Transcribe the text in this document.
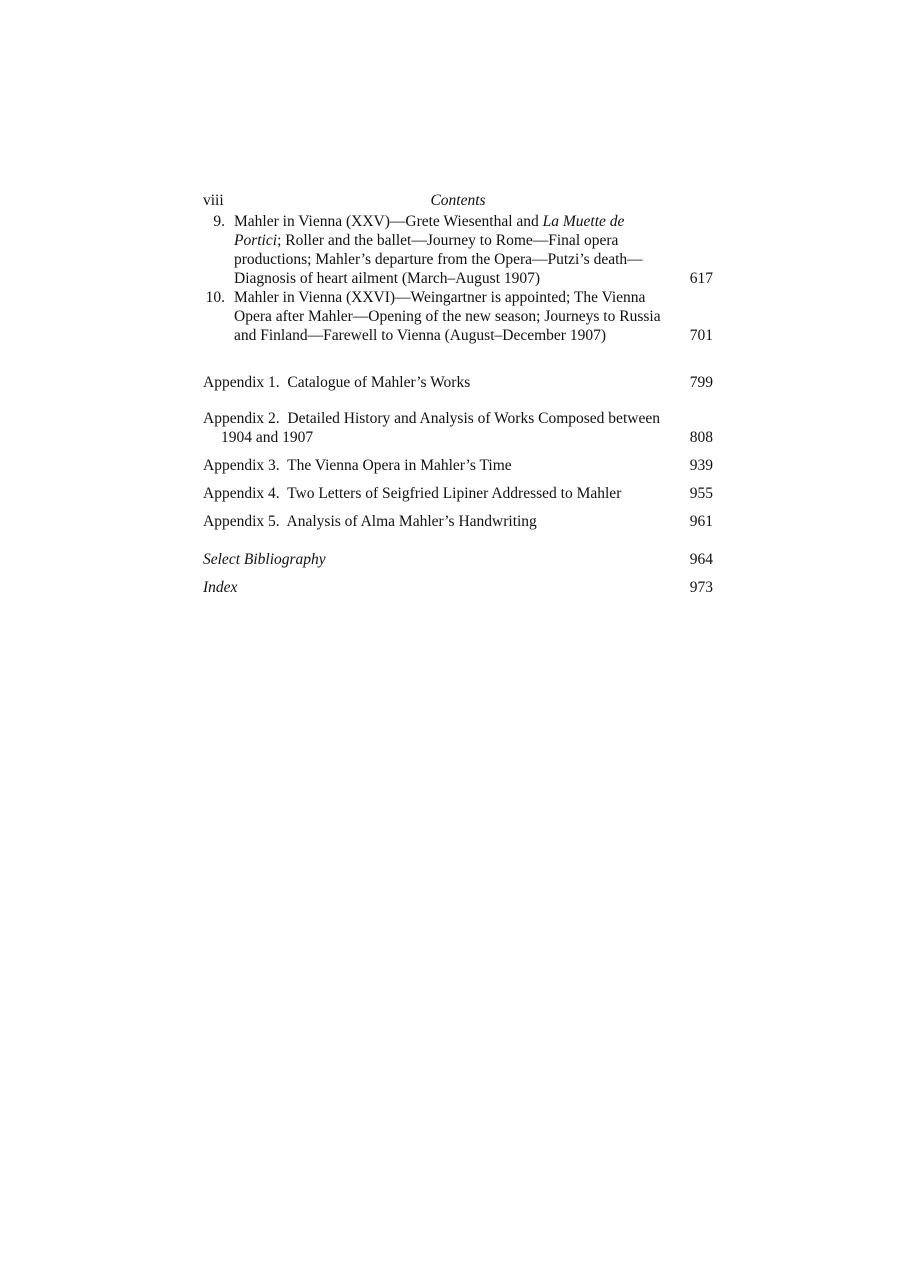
viii	Contents
9. Mahler in Vienna (XXV)—Grete Wiesenthal and La Muette de Portici; Roller and the ballet—Journey to Rome—Final opera productions; Mahler’s departure from the Opera—Putzi’s death—Diagnosis of heart ailment (March–August 1907)	617
10. Mahler in Vienna (XXVI)—Weingartner is appointed; The Vienna Opera after Mahler—Opening of the new season; Journeys to Russia and Finland—Farewell to Vienna (August–December 1907)	701
Appendix 1. Catalogue of Mahler’s Works	799
Appendix 2. Detailed History and Analysis of Works Composed between 1904 and 1907	808
Appendix 3. The Vienna Opera in Mahler’s Time	939
Appendix 4. Two Letters of Seigfried Lipiner Addressed to Mahler	955
Appendix 5. Analysis of Alma Mahler’s Handwriting	961
Select Bibliography	964
Index	973
